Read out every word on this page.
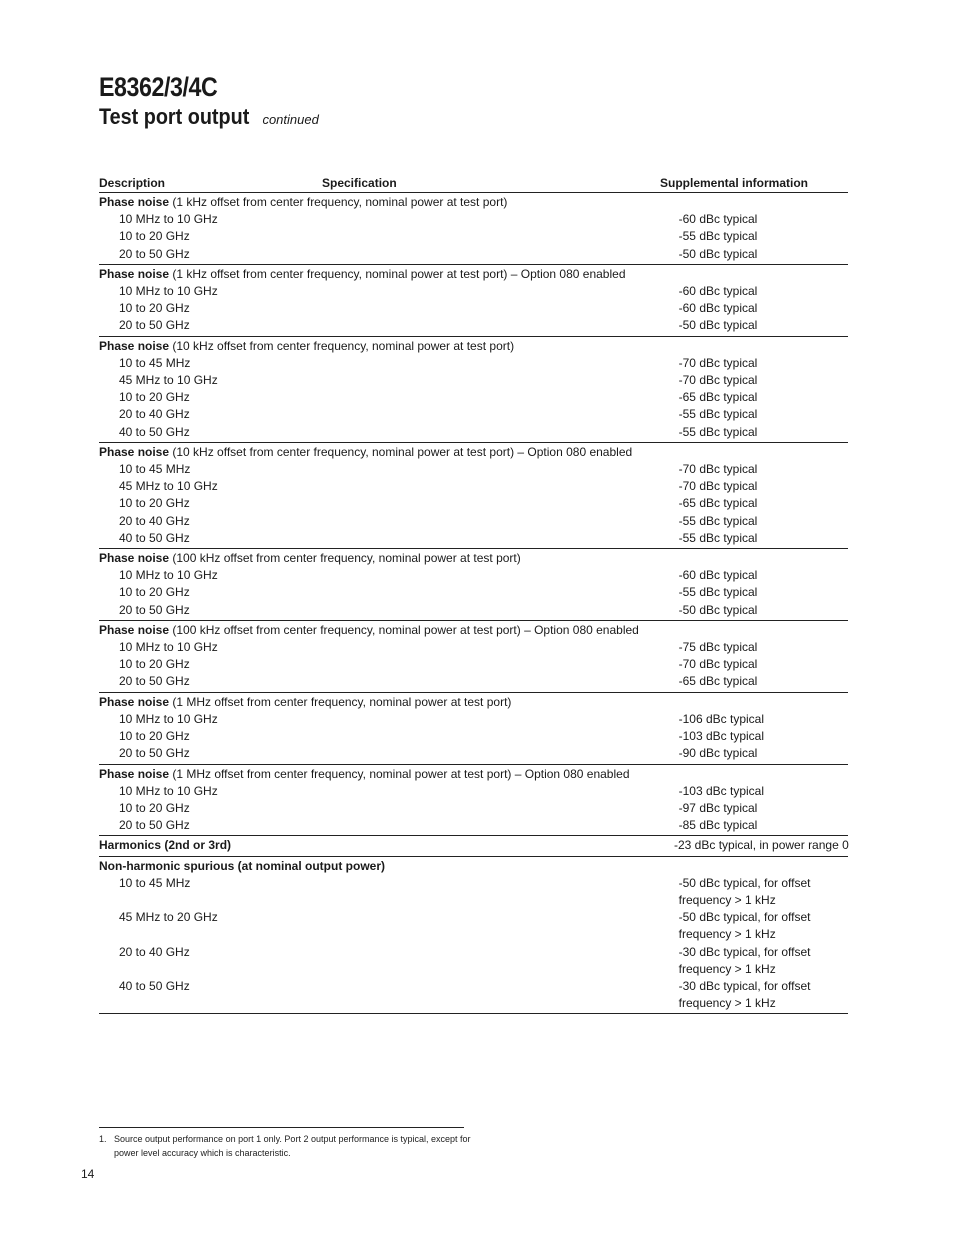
E8362/3/4C
Test port output continued
Description	Specification	Supplemental information
Phase noise (1 kHz offset from center frequency, nominal power at test port)
10 MHz to 10 GHz	-60 dBc typical
10 to 20 GHz	-55 dBc typical
20 to 50 GHz	-50 dBc typical
Phase noise (1 kHz offset from center frequency, nominal power at test port) – Option 080 enabled
10 MHz to 10 GHz	-60 dBc typical
10 to 20 GHz	-60 dBc typical
20 to 50 GHz	-50 dBc typical
Phase noise (10 kHz offset from center frequency, nominal power at test port)
10 to 45 MHz	-70 dBc typical
45 MHz to 10 GHz	-70 dBc typical
10 to 20 GHz	-65 dBc typical
20 to 40 GHz	-55 dBc typical
40 to 50 GHz	-55 dBc typical
Phase noise (10 kHz offset from center frequency, nominal power at test port) – Option 080 enabled
10 to 45 MHz	-70 dBc typical
45 MHz to 10 GHz	-70 dBc typical
10 to 20 GHz	-65 dBc typical
20 to 40 GHz	-55 dBc typical
40 to 50 GHz	-55 dBc typical
Phase noise (100 kHz offset from center frequency, nominal power at test port)
10 MHz to 10 GHz	-60 dBc typical
10 to 20 GHz	-55 dBc typical
20 to 50 GHz	-50 dBc typical
Phase noise (100 kHz offset from center frequency, nominal power at test port) – Option 080 enabled
10 MHz to 10 GHz	-75 dBc typical
10 to 20 GHz	-70 dBc typical
20 to 50 GHz	-65 dBc typical
Phase noise (1 MHz offset from center frequency, nominal power at test port)
10 MHz to 10 GHz	-106 dBc typical
10 to 20 GHz	-103 dBc typical
20 to 50 GHz	-90 dBc typical
Phase noise (1 MHz offset from center frequency, nominal power at test port) – Option 080 enabled
10 MHz to 10 GHz	-103 dBc typical
10 to 20 GHz	-97 dBc typical
20 to 50 GHz	-85 dBc typical
Harmonics (2nd or 3rd)	-23 dBc typical, in power range 0
Non-harmonic spurious (at nominal output power)
10 to 45 MHz	-50 dBc typical, for offset
frequency > 1 kHz
45 MHz to 20 GHz	-50 dBc typical, for offset
frequency > 1 kHz
20 to 40 GHz	-30 dBc typical, for offset
frequency > 1 kHz
40 to 50 GHz	-30 dBc typical, for offset
frequency > 1 kHz
1. Source output performance on port 1 only. Port 2 output performance is typical, except for power level accuracy which is characteristic.
14
